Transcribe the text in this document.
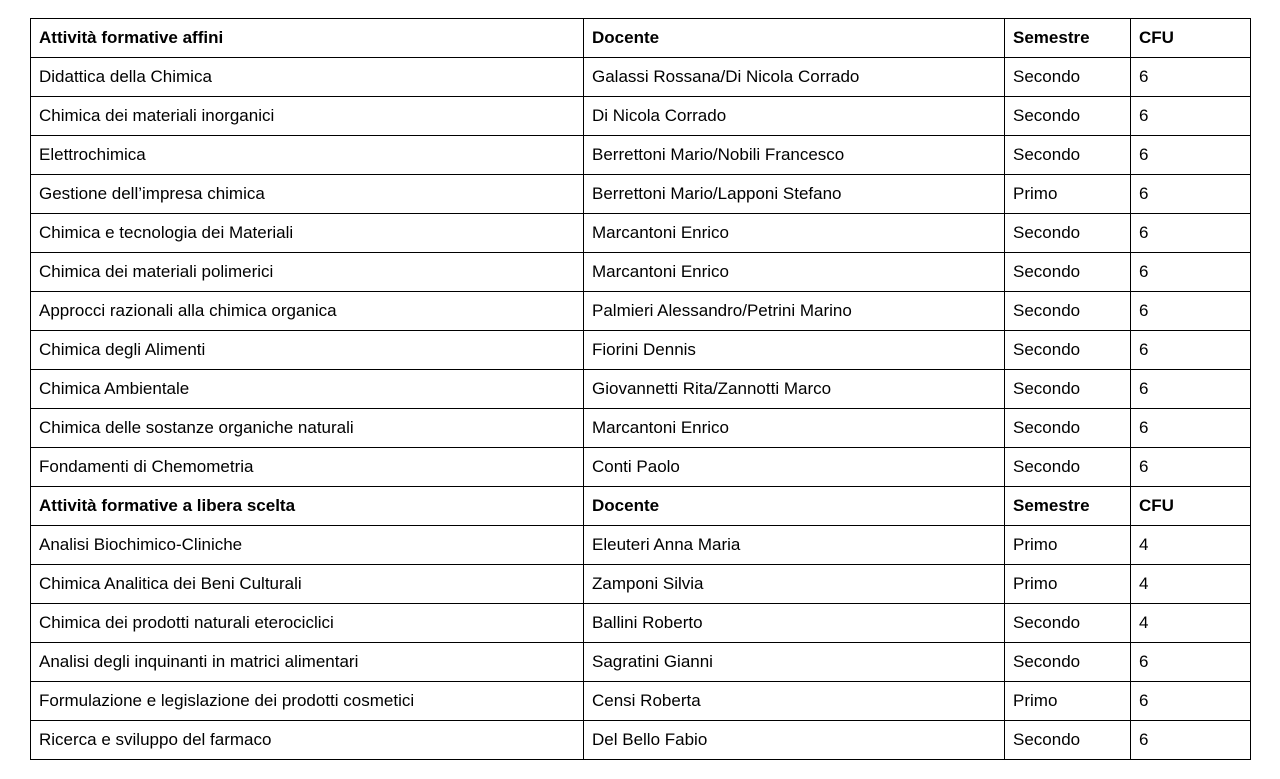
Attività formative affini	Docente	Semestre	CFU
Didattica della Chimica	Galassi Rossana/Di Nicola Corrado	Secondo	6
Chimica dei materiali inorganici	Di Nicola Corrado	Secondo	6
Elettrochimica	Berrettoni Mario/Nobili Francesco	Secondo	6
Gestione dell’impresa chimica	Berrettoni Mario/Lapponi Stefano	Primo	6
Chimica e tecnologia dei Materiali	Marcantoni Enrico	Secondo	6
Chimica dei materiali polimerici	Marcantoni Enrico	Secondo	6
Approcci razionali alla chimica organica	Palmieri Alessandro/Petrini Marino	Secondo	6
Chimica degli Alimenti	Fiorini Dennis	Secondo	6
Chimica Ambientale	Giovannetti Rita/Zannotti Marco	Secondo	6
Chimica delle sostanze organiche naturali	Marcantoni Enrico	Secondo	6
Fondamenti di Chemometria	Conti Paolo	Secondo	6
Attività formative a libera scelta	Docente	Semestre	CFU
Analisi Biochimico-Cliniche	Eleuteri Anna Maria	Primo	4
Chimica Analitica dei Beni Culturali	Zamponi Silvia	Primo	4
Chimica dei prodotti naturali eterociclici	Ballini Roberto	Secondo	4
Analisi degli inquinanti in matrici alimentari	Sagratini Gianni	Secondo	6
Formulazione e legislazione dei prodotti cosmetici	Censi Roberta	Primo	6
Ricerca e sviluppo del farmaco	Del Bello Fabio	Secondo	6
